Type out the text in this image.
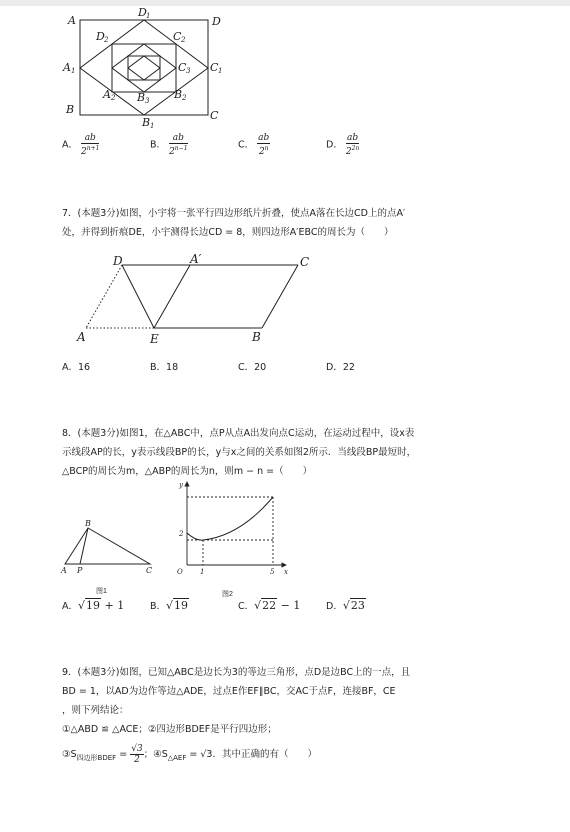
A
D 1	D
D 2	C 2
A 1	C 3 C 1
A 2 B 3 B 2
B	C
B 1
A． $\frac{ab}{2^{n+1}}$	B． $\frac{ab}{2^{n-1}}$	C． $\frac{ab}{2^n}$	D． $\frac{ab}{2^{2n}}$
7．(本题3分)如图，小宇将一张平行四边形纸片折叠，使点A落在长边CD上的点A′
处，并得到折痕DE，小宇测得长边CD = 8，则四边形A′EBC的周长为（　　）
D	A′	C
A	E	B
A．16	B．18	C．20	D．22
8．(本题3分)如图1，在△ABC中，点P从点A出发向点C运动，在运动过程中，设x表
示线段AP的长，y表示线段BP的长，y与x之间的关系如图2所示．当线段BP最短时，
△BCP的周长为m，△ABP的周长为n，则m − n =（　　）
B
A P	C
图1
y
x
O
2
1	5
图2
A．√19 + 1	B．√19	C．√22 − 1	D．√23
9．(本题3分)如图，已知△ABC是边长为3的等边三角形，点D是边BC上的一点，且
BD = 1，以AD为边作等边△ADE，过点E作EF∥BC，交AC于点F，连接BF，CE
，则下列结论：
①△ABD ≌ △ACE；②四边形BDEF是平行四边形；
$③S_{四边形BDEF} = \frac{√3}{2}$ ；$④S_{\triangle AEF} = √3$．其中正确的有（　　）
